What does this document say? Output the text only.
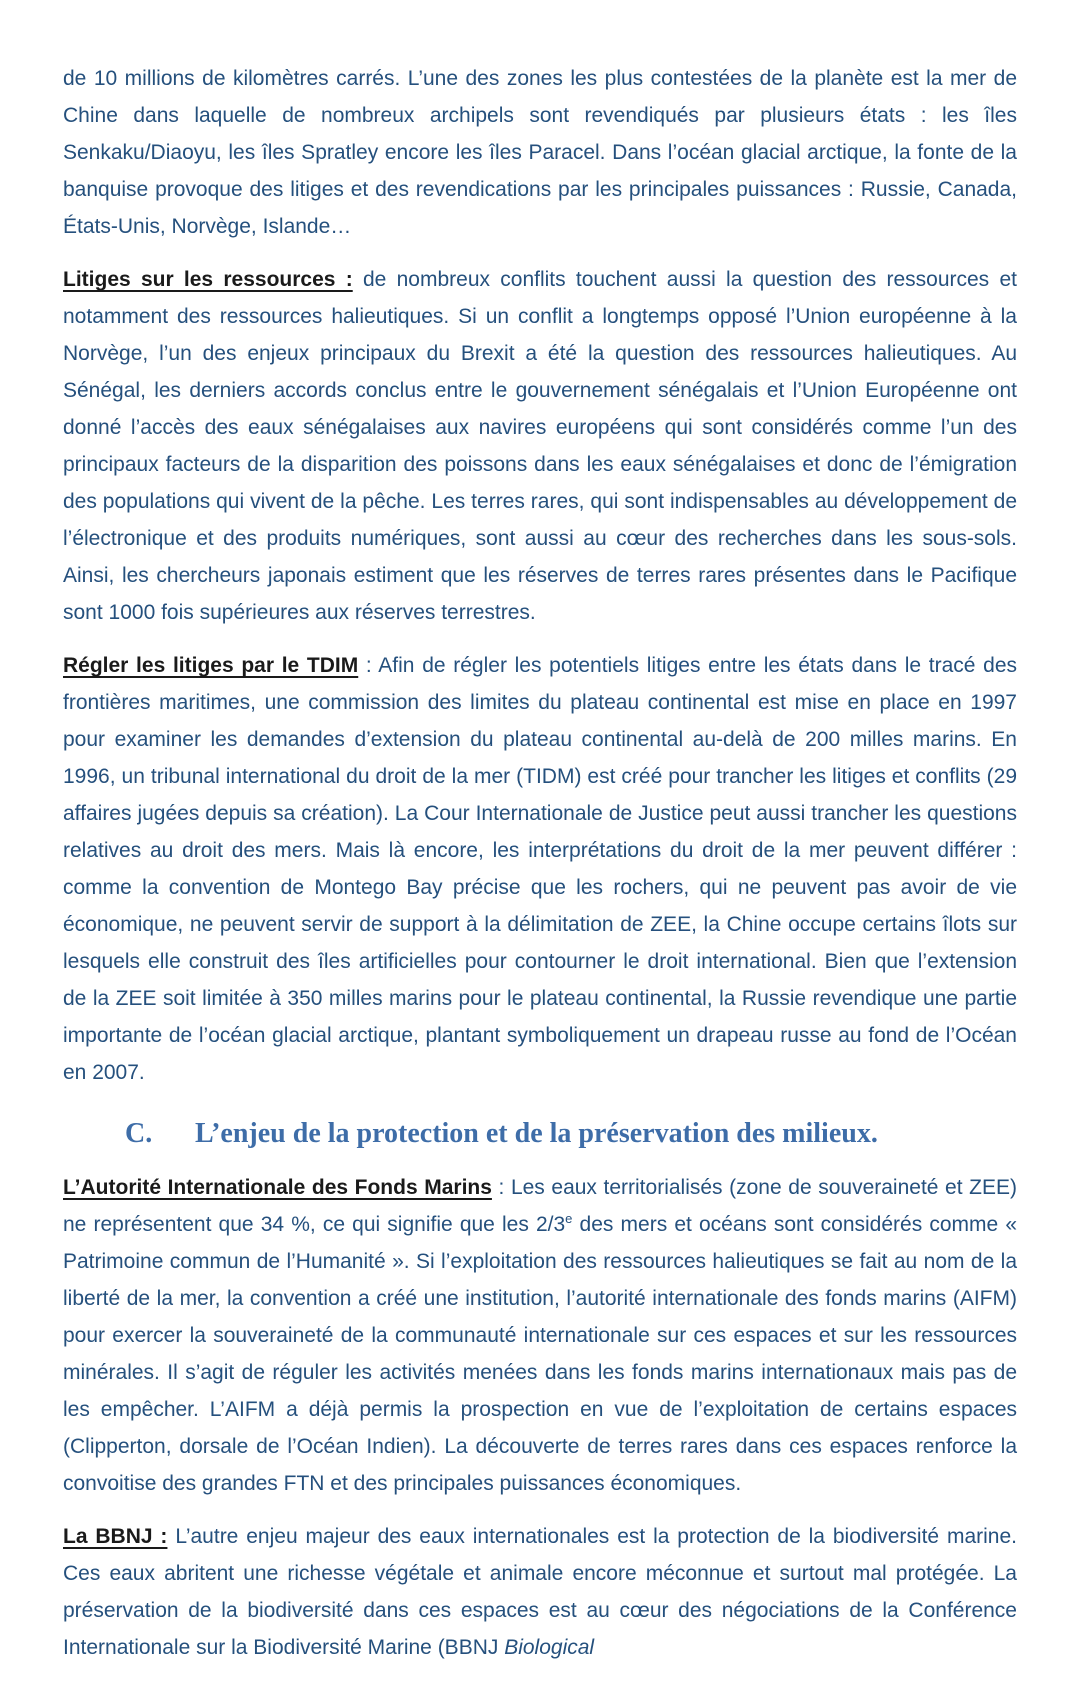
de 10 millions de kilomètres carrés. L’une des zones les plus contestées de la planète est la mer de Chine dans laquelle de nombreux archipels sont revendiqués par plusieurs états : les îles Senkaku/Diaoyu, les îles Spratley encore les îles Paracel. Dans l’océan glacial arctique, la fonte de la banquise provoque des litiges et des revendications par les principales puissances : Russie, Canada, États-Unis, Norvège, Islande…

Litiges sur les ressources : de nombreux conflits touchent aussi la question des ressources et notamment des ressources halieutiques. Si un conflit a longtemps opposé l’Union européenne à la Norvège, l’un des enjeux principaux du Brexit a été la question des ressources halieutiques. Au Sénégal, les derniers accords conclus entre le gouvernement sénégalais et l’Union Européenne ont donné l’accès des eaux sénégalaises aux navires européens qui sont considérés comme l’un des principaux facteurs de la disparition des poissons dans les eaux sénégalaises et donc de l’émigration des populations qui vivent de la pêche. Les terres rares, qui sont indispensables au développement de l’électronique et des produits numériques, sont aussi au cœur des recherches dans les sous-sols. Ainsi, les chercheurs japonais estiment que les réserves de terres rares présentes dans le Pacifique sont 1000 fois supérieures aux réserves terrestres.

Régler les litiges par le TDIM : Afin de régler les potentiels litiges entre les états dans le tracé des frontières maritimes, une commission des limites du plateau continental est mise en place en 1997 pour examiner les demandes d’extension du plateau continental au-delà de 200 milles marins. En 1996, un tribunal international du droit de la mer (TIDM) est créé pour trancher les litiges et conflits (29 affaires jugées depuis sa création). La Cour Internationale de Justice peut aussi trancher les questions relatives au droit des mers. Mais là encore, les interprétations du droit de la mer peuvent différer : comme la convention de Montego Bay précise que les rochers, qui ne peuvent pas avoir de vie économique, ne peuvent servir de support à la délimitation de ZEE, la Chine occupe certains îlots sur lesquels elle construit des îles artificielles pour contourner le droit international. Bien que l’extension de la ZEE soit limitée à 350 milles marins pour le plateau continental, la Russie revendique une partie importante de l’océan glacial arctique, plantant symboliquement un drapeau russe au fond de l’Océan en 2007.

C.	L’enjeu de la protection et de la préservation des milieux.

L’Autorité Internationale des Fonds Marins : Les eaux territorialisés (zone de souveraineté et ZEE) ne représentent que 34 %, ce qui signifie que les 2/3e des mers et océans sont considérés comme « Patrimoine commun de l’Humanité ». Si l’exploitation des ressources halieutiques se fait au nom de la liberté de la mer, la convention a créé une institution, l’autorité internationale des fonds marins (AIFM) pour exercer la souveraineté de la communauté internationale sur ces espaces et sur les ressources minérales. Il s’agit de réguler les activités menées dans les fonds marins internationaux mais pas de les empêcher. L’AIFM a déjà permis la prospection en vue de l’exploitation de certains espaces (Clipperton, dorsale de l’Océan Indien). La découverte de terres rares dans ces espaces renforce la convoitise des grandes FTN et des principales puissances économiques.

La BBNJ : L’autre enjeu majeur des eaux internationales est la protection de la biodiversité marine. Ces eaux abritent une richesse végétale et animale encore méconnue et surtout mal protégée. La préservation de la biodiversité dans ces espaces est au cœur des négociations de la Conférence Internationale sur la Biodiversité Marine (BBNJ Biological
